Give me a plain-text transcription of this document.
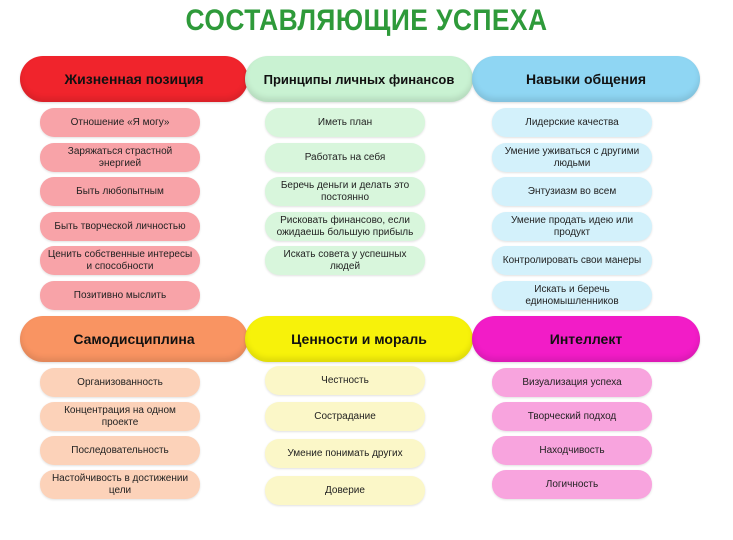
СОСТАВЛЯЮЩИЕ УСПЕХА
Жизненная позиция
Отношение «Я могу»
Заряжаться страстной энергией
Быть любопытным
Быть творческой личностью
Ценить собственные интересы и способности
Позитивно мыслить
Принципы личных финансов
Иметь план
Работать на себя
Беречь деньги и делать это постоянно
Рисковать финансово, если ожидаешь большую прибыль
Искать совета у успешных людей
Навыки общения
Лидерские качества
Умение уживаться с другими людьми
Энтузиазм во всем
Умение продать идею или продукт
Контролировать свои манеры
Искать и беречь единомышленников
Самодисциплина
Организованность
Концентрация на одном проекте
Последовательность
Настойчивость в достижении цели
Ценности и мораль
Честность
Сострадание
Умение понимать других
Доверие
Интеллект
Визуализация успеха
Творческий подход
Находчивость
Логичность
